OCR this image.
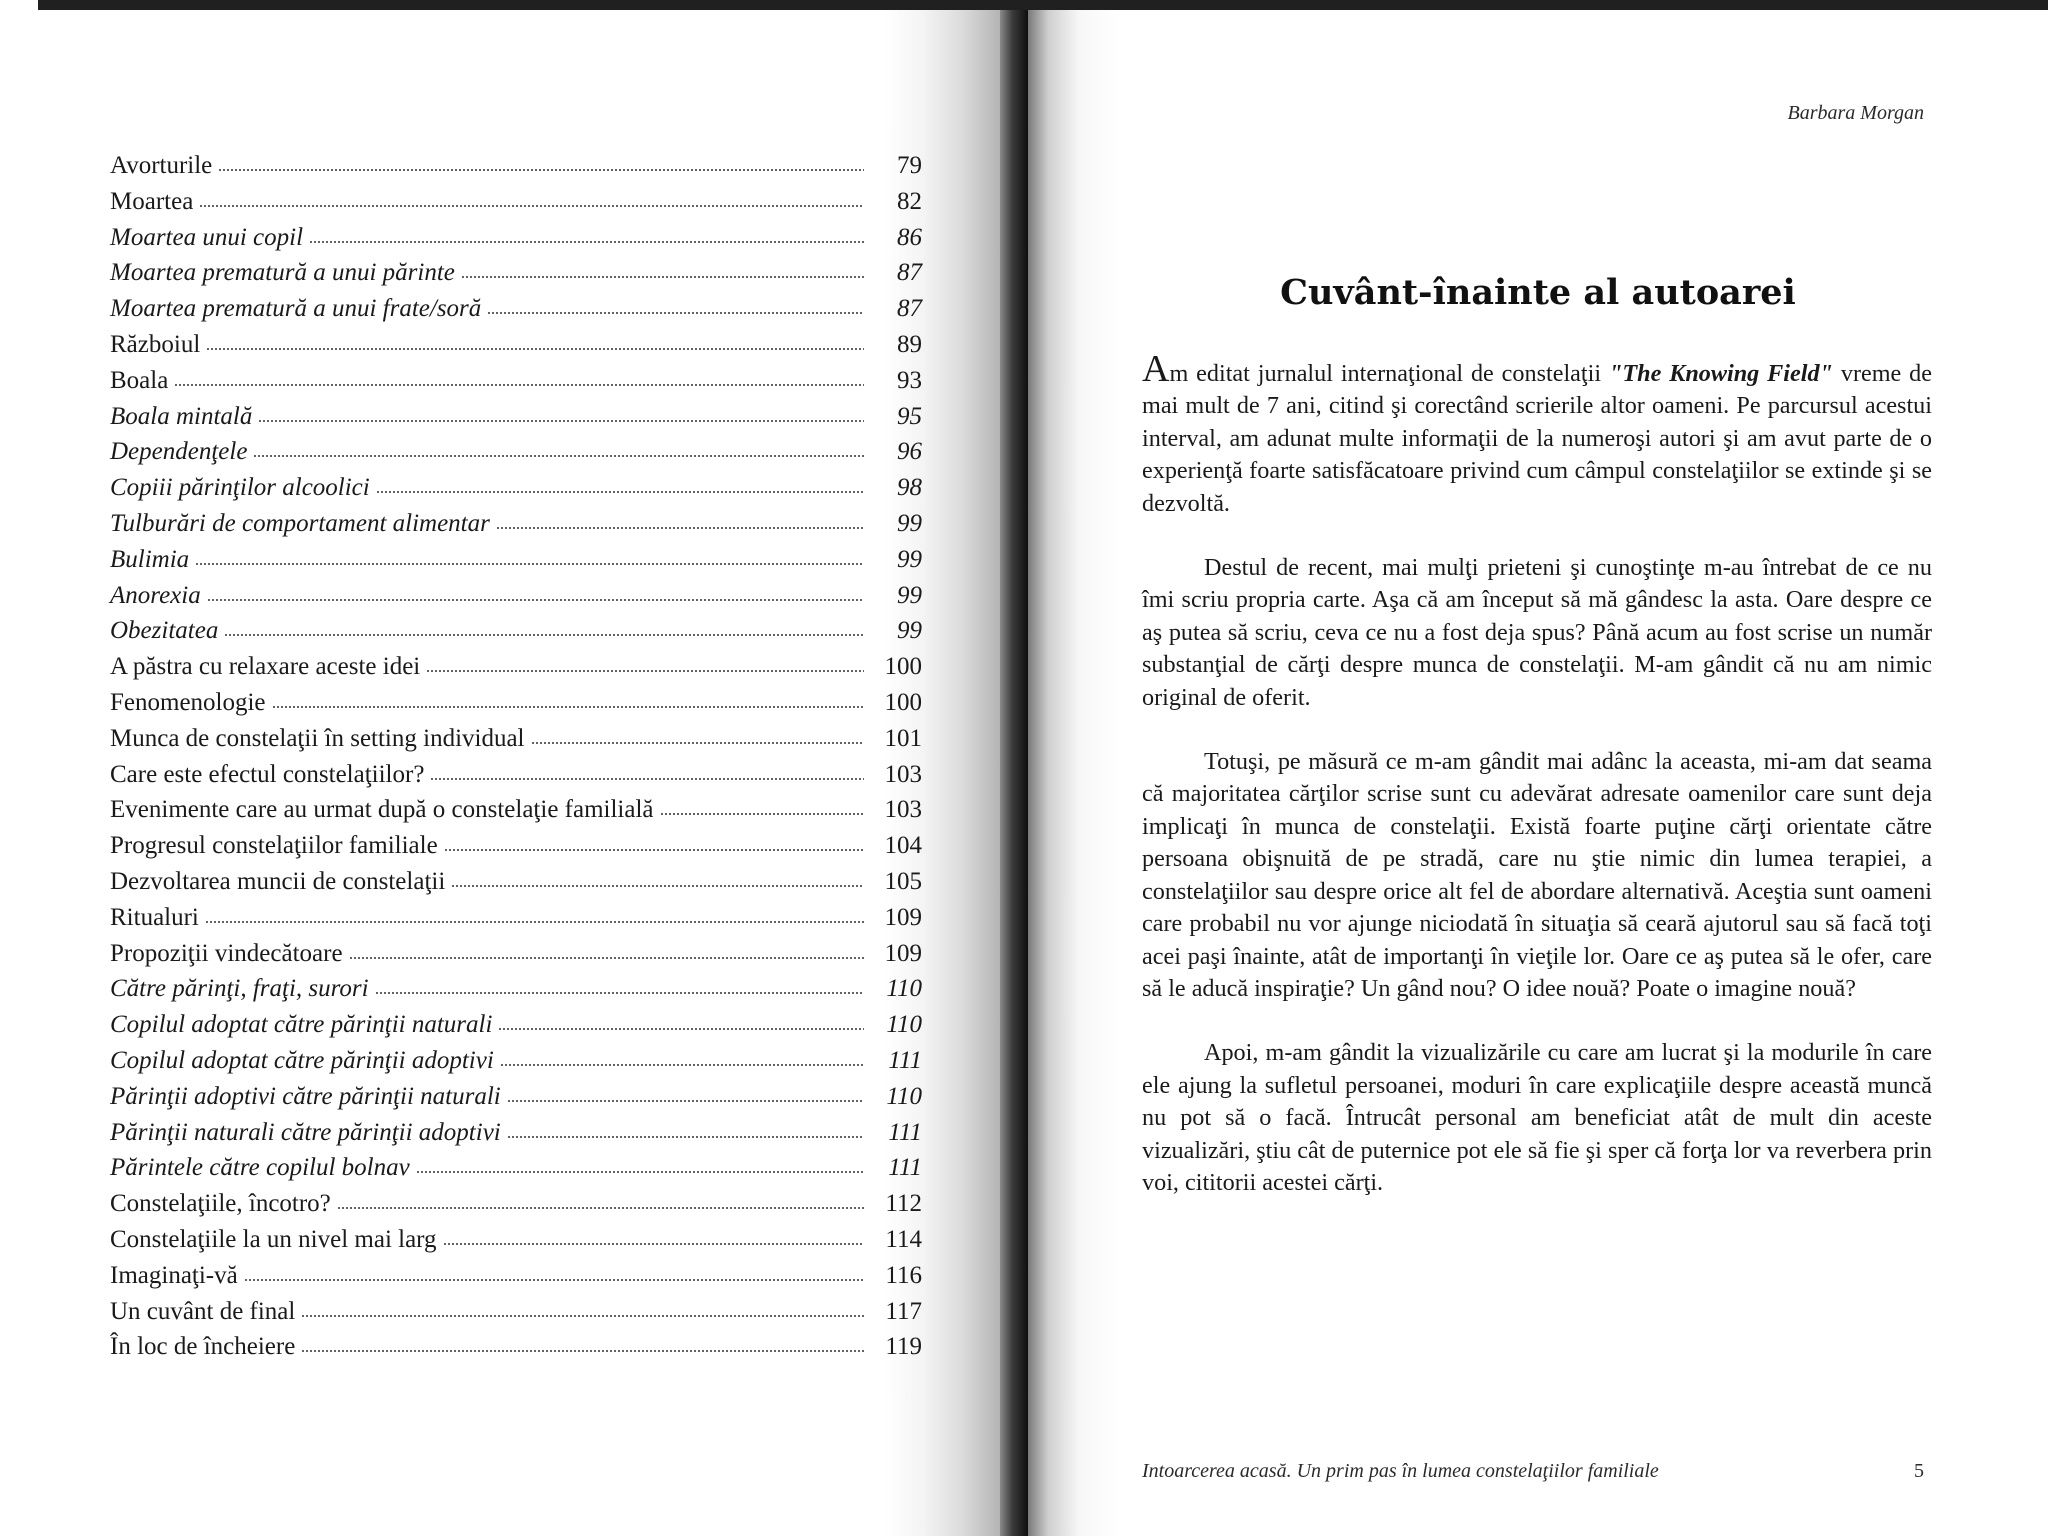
Avorturile	79
Moartea	82
Moartea unui copil	86
Moartea prematură a unui părinte	87
Moartea prematură a unui frate/soră	87
Războiul	89
Boala	93
Boala mintală	95
Dependenţele	96
Copiii părinţilor alcoolici	98
Tulburări de comportament alimentar	99
Bulimia	99
Anorexia	99
Obezitatea	99
A păstra cu relaxare aceste idei	100
Fenomenologie	100
Munca de constelaţii în setting individual	101
Care este efectul constelaţiilor?	103
Evenimente care au urmat după o constelaţie familială	103
Progresul constelaţiilor familiale	104
Dezvoltarea muncii de constelaţii	105
Ritualuri	109
Propoziţii vindecătoare	109
Către părinţi, fraţi, surori	110
Copilul adoptat către părinţii naturali	110
Copilul adoptat către părinţii adoptivi	111
Părinţii adoptivi către părinţii naturali	110
Părinţii naturali către părinţii adoptivi	111
Părintele către copilul bolnav	111
Constelaţiile, încotro?	112
Constelaţiile la un nivel mai larg	114
Imaginaţi-vă	116
Un cuvânt de final	117
În loc de încheiere	119
Barbara Morgan
Cuvânt-înainte al autoarei

Am editat jurnalul internaţional de constelaţii "The Knowing Field" vreme de mai mult de 7 ani, citind şi corectând scrierile altor oameni. Pe parcursul acestui interval, am adunat multe informaţii de la numeroşi autori şi am avut parte de o experienţă foarte satisfăcatoare privind cum câmpul constelaţiilor se extinde şi se dezvoltă.

Destul de recent, mai mulţi prieteni şi cunoştinţe m-au întrebat de ce nu îmi scriu propria carte. Aşa că am început să mă gândesc la asta. Oare despre ce aş putea să scriu, ceva ce nu a fost deja spus? Până acum au fost scrise un număr substanţial de cărţi despre munca de constelaţii. M-am gândit că nu am nimic original de oferit.

Totuşi, pe măsură ce m-am gândit mai adânc la aceasta, mi-am dat seama că majoritatea cărţilor scrise sunt cu adevărat adresate oamenilor care sunt deja implicaţi în munca de constelaţii. Există foarte puţine cărţi orientate către persoana obişnuită de pe stradă, care nu ştie nimic din lumea terapiei, a constelaţiilor sau despre orice alt fel de abordare alternativă. Aceştia sunt oameni care probabil nu vor ajunge niciodată în situaţia să ceară ajutorul sau să facă toţi acei paşi înainte, atât de importanţi în vieţile lor. Oare ce aş putea să le ofer, care să le aducă inspiraţie? Un gând nou? O idee nouă? Poate o imagine nouă?

Apoi, m-am gândit la vizualizările cu care am lucrat şi la modurile în care ele ajung la sufletul persoanei, moduri în care explicaţiile despre această muncă nu pot să o facă. Întrucât personal am beneficiat atât de mult din aceste vizualizări, ştiu cât de puternice pot ele să fie şi sper că forţa lor va reverbera prin voi, cititorii acestei cărţi.

Intoarcerea acasă. Un prim pas în lumea constelaţiilor familiale	5
